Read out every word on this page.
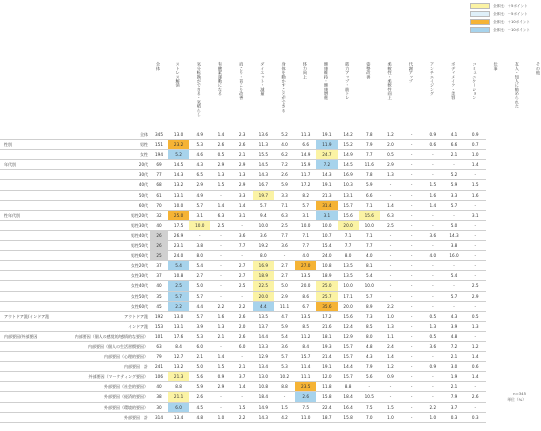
全体比：＋5ポイント
全体比：－5ポイント
全体比：＋10ポイント
全体比：－10ポイント
全体	ストレス解消	気分転換ができる・気晴らし	有酸素運動になる	肩こり・首こり改善	ダイエット・減量	身体を動かすことができる	体力向上	健康維持・健康増進	筋力アップ・筋トレ	姿勢改善	柔軟性・柔軟性向上	代謝アップ	アンチエイジング	ボディメイク・美容	コミュニケーション	仕事	友人・知人に勧められた	その他
	全体	345	13.0	4.9	1.4	2.3	13.6	5.2	11.3	19.1	14.2	7.8	1.2	-	0.9	4.1	0.9
性別	男性	151	23.2	5.3	2.6	2.6	11.3	4.0	6.6	11.9	15.2	7.9	2.0	-	0.6	6.6	0.7
	女性	194	5.2	4.6	0.5	2.1	15.5	6.2	14.9	24.7	14.9	7.7	0.5	-	-	2.1	1.0
年代別	20代	69	14.5	4.3	2.9	2.9	14.5	7.2	15.9	7.2	14.5	11.6	2.9	-	-	-	1.4
	30代	77	14.3	6.5	1.3	1.3	14.3	2.6	11.7	14.3	16.9	7.8	1.3	-	-	5.2	-
	40代	68	13.2	2.9	1.5	2.9	16.7	5.9	17.2	19.1	10.3	5.9	-	-	1.5	5.9	1.5
	50代	61	13.1	4.9	-	3.3	19.7	3.3	8.2	21.3	13.1	6.6	-	-	1.6	3.3	1.6
	60代	70	10.0	5.7	1.4	1.4	5.7	7.1	5.7	31.4	15.7	7.1	1.4	-	1.4	5.7	-
性年代別	男性20代	32	25.0	3.1	6.3	3.1	9.4	6.3	3.1	3.1	15.6	15.6	6.3	-	-	-	3.1
	男性30代	40	17.5	10.0	2.5	-	10.0	2.5	10.0	10.0	20.0	10.0	2.5	-	-	5.0	-
	男性40代	26	26.9	-	-	3.6	3.6	7.7	7.1	10.7	7.1	7.1	-	-	3.6	14.3	-
	男性50代	26	23.1	3.8	-	7.7	19.2	3.6	7.7	15.4	7.7	7.7	-	-	-	3.8	-
	男性60代	25	24.0	8.0	-	-	8.0	-	4.0	24.0	8.0	4.0	-	-	4.0	16.0	-
	女性20代	37	5.4	5.4	-	2.7	16.9	2.7	27.0	10.8	13.5	8.1	-	-	-	-	-
	女性30代	37	10.8	2.7	-	2.7	18.9	2.7	13.5	18.9	13.5	5.4	-	-	-	5.4	-
	女性40代	40	2.5	5.0	-	2.5	22.5	5.0	20.0	25.0	10.0	10.0	-	-	-	-	2.5
	女性50代	35	5.7	5.7	-	-	20.0	2.9	8.6	25.7	17.1	5.7	-	-	-	5.7	2.9
	女性60代	45	2.2	4.4	2.2	2.2	4.4	11.1	6.7	35.6	20.0	8.9	2.2	-	-	-	-
アウトドア派/インドア派	アウトドア派	192	13.0	5.7	1.6	2.6	13.5	4.7	13.5	17.2	15.6	7.3	1.0	-	0.5	4.3	0.5
	インドア派	153	13.1	3.9	1.3	2.0	13.7	5.9	8.5	21.6	12.4	8.5	1.3	-	1.3	3.9	1.3
内部要因/外部要因	内部要因（個人の感覚的/感情的な要因）	101	17.6	5.3	2.1	2.6	14.4	5.4	11.2	18.1	12.9	8.0	1.1	-	0.5	4.8	-
	内部要因（個人の生活習慣要因）	63	8.4	6.0	-	6.0	13.3	3.6	8.4	19.3	15.7	4.8	2.4	-	3.6	7.2	1.2
	内部要因（心理的要因）	79	12.7	2.1	1.4	-	12.9	5.7	15.7	21.4	15.7	4.3	1.4	-	-	2.1	1.4
	内部要因　計	241	13.2	5.0	1.5	2.1	13.4	5.3	11.4	19.1	14.4	7.9	1.2	-	0.9	3.0	0.6
	外部要因（マーケティング要因）	106	21.3	5.6	0.9	3.7	13.0	10.2	11.1	12.0	15.7	5.6	0.9	-	-	1.9	1.4
	外部要因（社会的要因）	40	8.8	5.9	2.9	1.4	10.8	8.8	23.5	11.8	8.8	-	-	-	-	2.1	-
	外部要因（経済的要因）	38	21.1	2.6	-	-	18.4	-	2.6	15.8	18.4	10.5	-	-	-	7.9	2.6
	外部要因（環境的要因）	30	6.0	4.5	-	1.5	14.9	1.5	7.5	22.4	16.4	7.5	1.5	-	2.2	3.7	-
	外部要因　計	314	13.4	4.8	1.0	2.2	14.3	4.2	11.0	18.7	15.8	7.0	1.0	-	1.0	0.3	0.3
n=345
単位（%）
